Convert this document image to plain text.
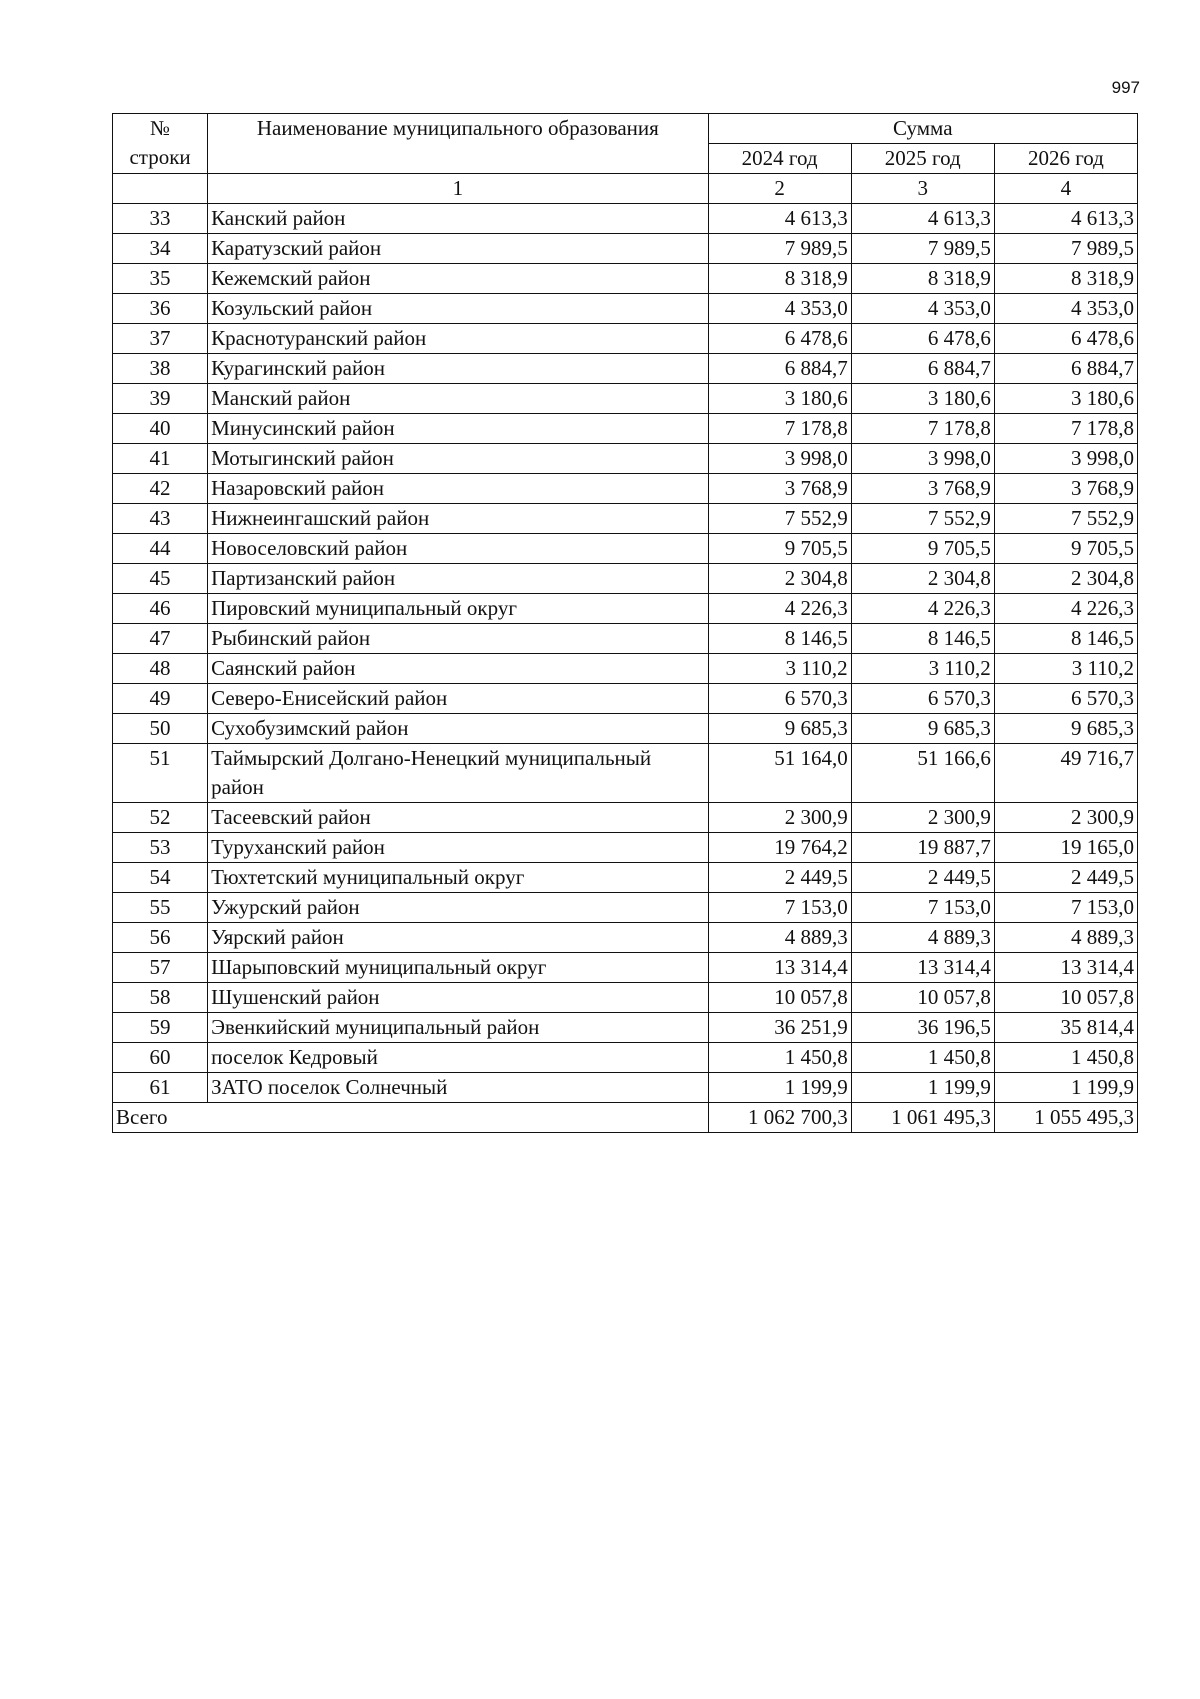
997
№
строки	Наименование муниципального образования	Сумма		
		2024 год	2025 год	2026 год
	1	2	3	4
33	Канский район	4 613,3	4 613,3	4 613,3
34	Каратузский район	7 989,5	7 989,5	7 989,5
35	Кежемский район	8 318,9	8 318,9	8 318,9
36	Козульский район	4 353,0	4 353,0	4 353,0
37	Краснотуранский район	6 478,6	6 478,6	6 478,6
38	Курагинский район	6 884,7	6 884,7	6 884,7
39	Манский район	3 180,6	3 180,6	3 180,6
40	Минусинский район	7 178,8	7 178,8	7 178,8
41	Мотыгинский район	3 998,0	3 998,0	3 998,0
42	Назаровский район	3 768,9	3 768,9	3 768,9
43	Нижнеингашский район	7 552,9	7 552,9	7 552,9
44	Новоселовский район	9 705,5	9 705,5	9 705,5
45	Партизанский район	2 304,8	2 304,8	2 304,8
46	Пировский муниципальный округ	4 226,3	4 226,3	4 226,3
47	Рыбинский район	8 146,5	8 146,5	8 146,5
48	Саянский район	3 110,2	3 110,2	3 110,2
49	Северо-Енисейский район	6 570,3	6 570,3	6 570,3
50	Сухобузимский район	9 685,3	9 685,3	9 685,3
51	Таймырский Долгано-Ненецкий муниципальный район	51 164,0	51 166,6	49 716,7
52	Тасеевский район	2 300,9	2 300,9	2 300,9
53	Туруханский район	19 764,2	19 887,7	19 165,0
54	Тюхтетский муниципальный округ	2 449,5	2 449,5	2 449,5
55	Ужурский район	7 153,0	7 153,0	7 153,0
56	Уярский район	4 889,3	4 889,3	4 889,3
57	Шарыповский муниципальный округ	13 314,4	13 314,4	13 314,4
58	Шушенский район	10 057,8	10 057,8	10 057,8
59	Эвенкийский муниципальный район	36 251,9	36 196,5	35 814,4
60	поселок Кедровый	1 450,8	1 450,8	1 450,8
61	ЗАТО поселок Солнечный	1 199,9	1 199,9	1 199,9
Всего		1 062 700,3	1 061 495,3	1 055 495,3
